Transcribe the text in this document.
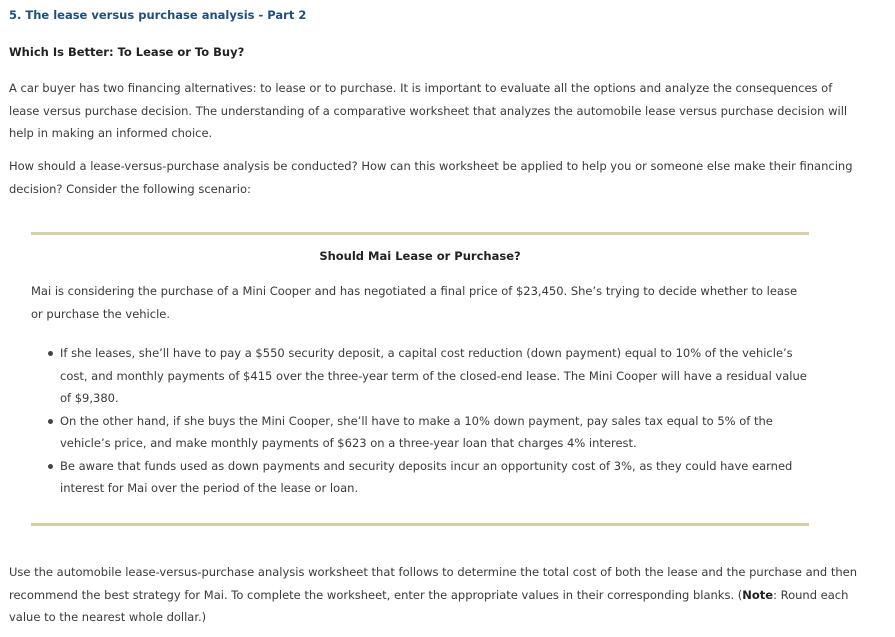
5. The lease versus purchase analysis - Part 2
Which Is Better: To Lease or To Buy?

A car buyer has two financing alternatives: to lease or to purchase. It is important to evaluate all the options and analyze the consequences of lease versus purchase decision. The understanding of a comparative worksheet that analyzes the automobile lease versus purchase decision will help in making an informed choice.

How should a lease-versus-purchase analysis be conducted? How can this worksheet be applied to help you or someone else make their financing decision? Consider the following scenario:

Should Mai Lease or Purchase?

Mai is considering the purchase of a Mini Cooper and has negotiated a final price of $23,450. She’s trying to decide whether to lease or purchase the vehicle.

If she leases, she’ll have to pay a $550 security deposit, a capital cost reduction (down payment) equal to 10% of the vehicle’s cost, and monthly payments of $415 over the three-year term of the closed-end lease. The Mini Cooper will have a residual value of $9,380.
On the other hand, if she buys the Mini Cooper, she’ll have to make a 10% down payment, pay sales tax equal to 5% of the vehicle’s price, and make monthly payments of $623 on a three-year loan that charges 4% interest.
Be aware that funds used as down payments and security deposits incur an opportunity cost of 3%, as they could have earned interest for Mai over the period of the lease or loan.

Use the automobile lease-versus-purchase analysis worksheet that follows to determine the total cost of both the lease and the purchase and then recommend the best strategy for Mai. To complete the worksheet, enter the appropriate values in their corresponding blanks. (Note: Round each value to the nearest whole dollar.)
